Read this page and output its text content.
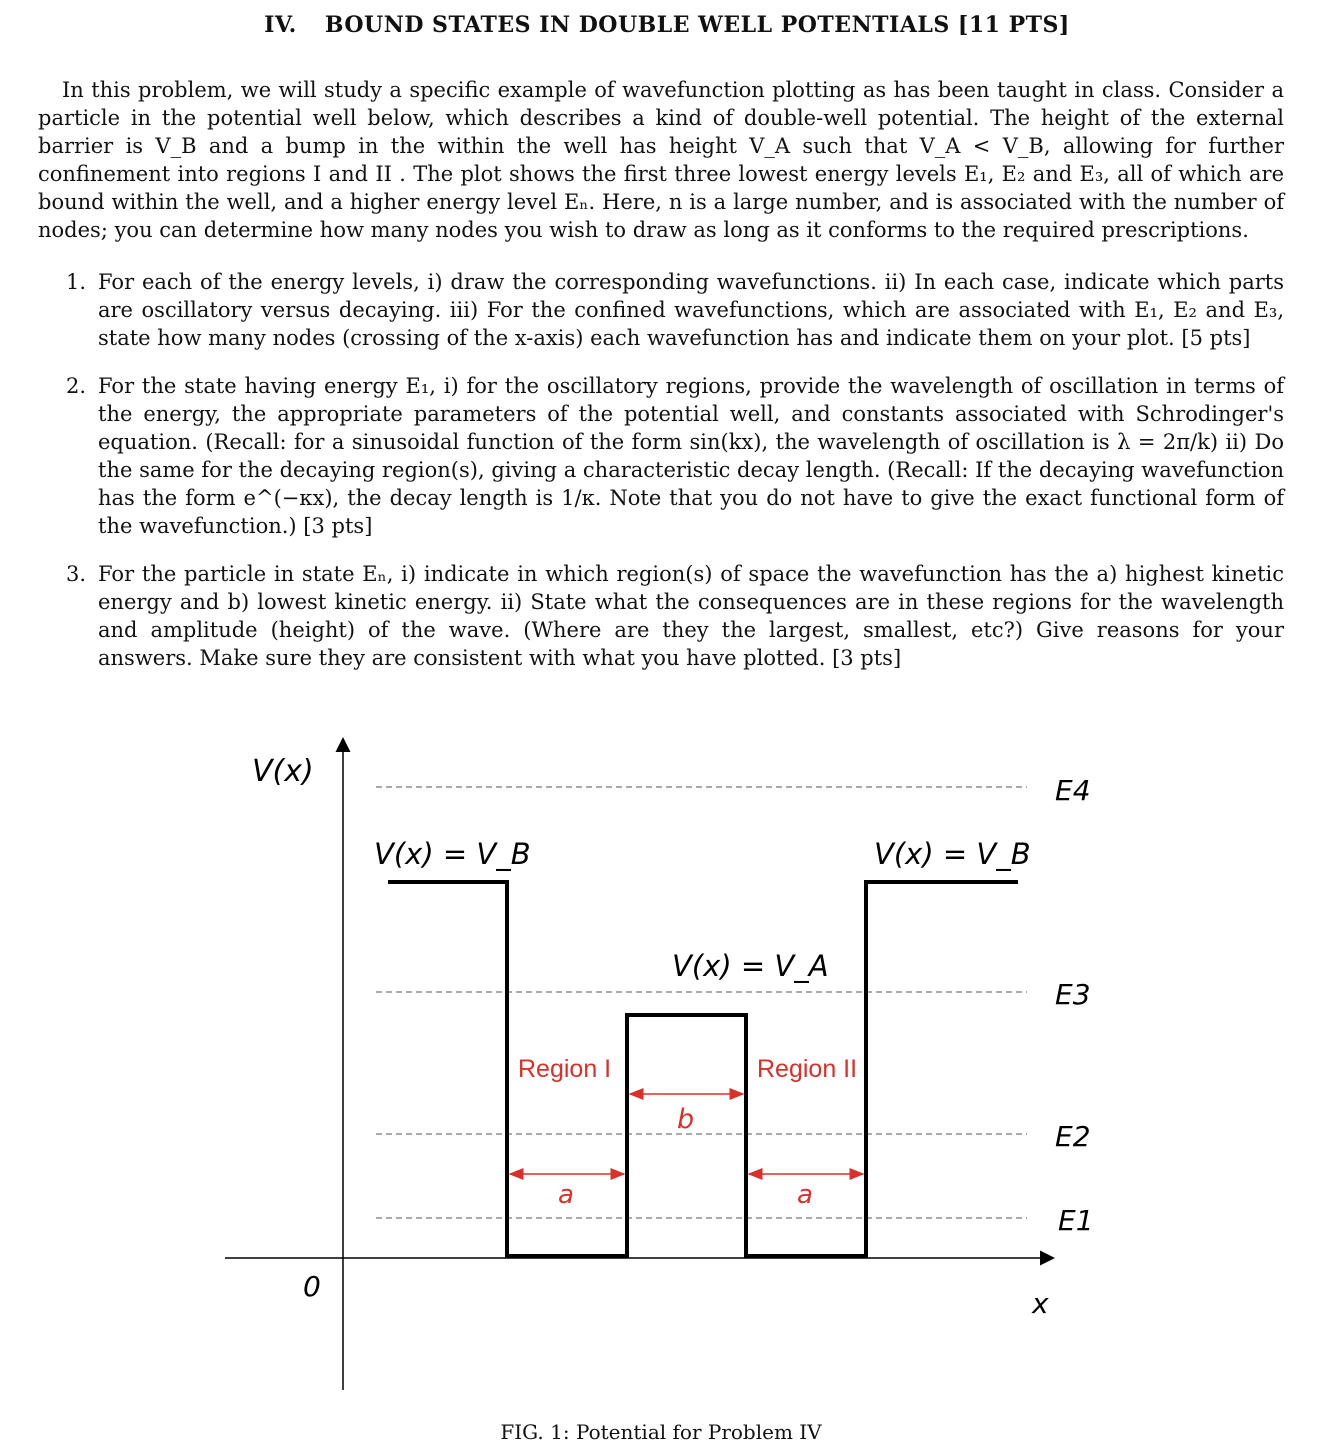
IV. BOUND STATES IN DOUBLE WELL POTENTIALS [11 PTS]

In this problem, we will study a specific example of wavefunction plotting as has been taught in class. Consider a particle in the potential well below, which describes a kind of double-well potential. The height of the external barrier is V_B and a bump in the within the well has height V_A such that V_A < V_B, allowing for further confinement into regions I and II . The plot shows the first three lowest energy levels E₁, E₂ and E₃, all of which are bound within the well, and a higher energy level Eₙ. Here, n is a large number, and is associated with the number of nodes; you can determine how many nodes you wish to draw as long as it conforms to the required prescriptions.

1. For each of the energy levels, i) draw the corresponding wavefunctions. ii) In each case, indicate which parts are oscillatory versus decaying. iii) For the confined wavefunctions, which are associated with E₁, E₂ and E₃, state how many nodes (crossing of the x-axis) each wavefunction has and indicate them on your plot. [5 pts]
2. For the state having energy E₁, i) for the oscillatory regions, provide the wavelength of oscillation in terms of the energy, the appropriate parameters of the potential well, and constants associated with Schrodinger's equation. (Recall: for a sinusoidal function of the form sin(kx), the wavelength of oscillation is λ = 2π/k) ii) Do the same for the decaying region(s), giving a characteristic decay length. (Recall: If the decaying wavefunction has the form e^(−κx), the decay length is 1/κ. Note that you do not have to give the exact functional form of the wavefunction.) [3 pts]
3. For the particle in state Eₙ, i) indicate in which region(s) of space the wavefunction has the a) highest kinetic energy and b) lowest kinetic energy. ii) State what the consequences are in these regions for the wavelength and amplitude (height) of the wave. (Where are they the largest, smallest, etc?) Give reasons for your answers. Make sure they are consistent with what you have plotted. [3 pts]
V(x)
x
0
V(x) = V_B	V(x) = V_B
V(x) = V_A
Region I	Region II
a
b
a
E4
E3
E2
E1
FIG. 1: Potential for Problem IV
